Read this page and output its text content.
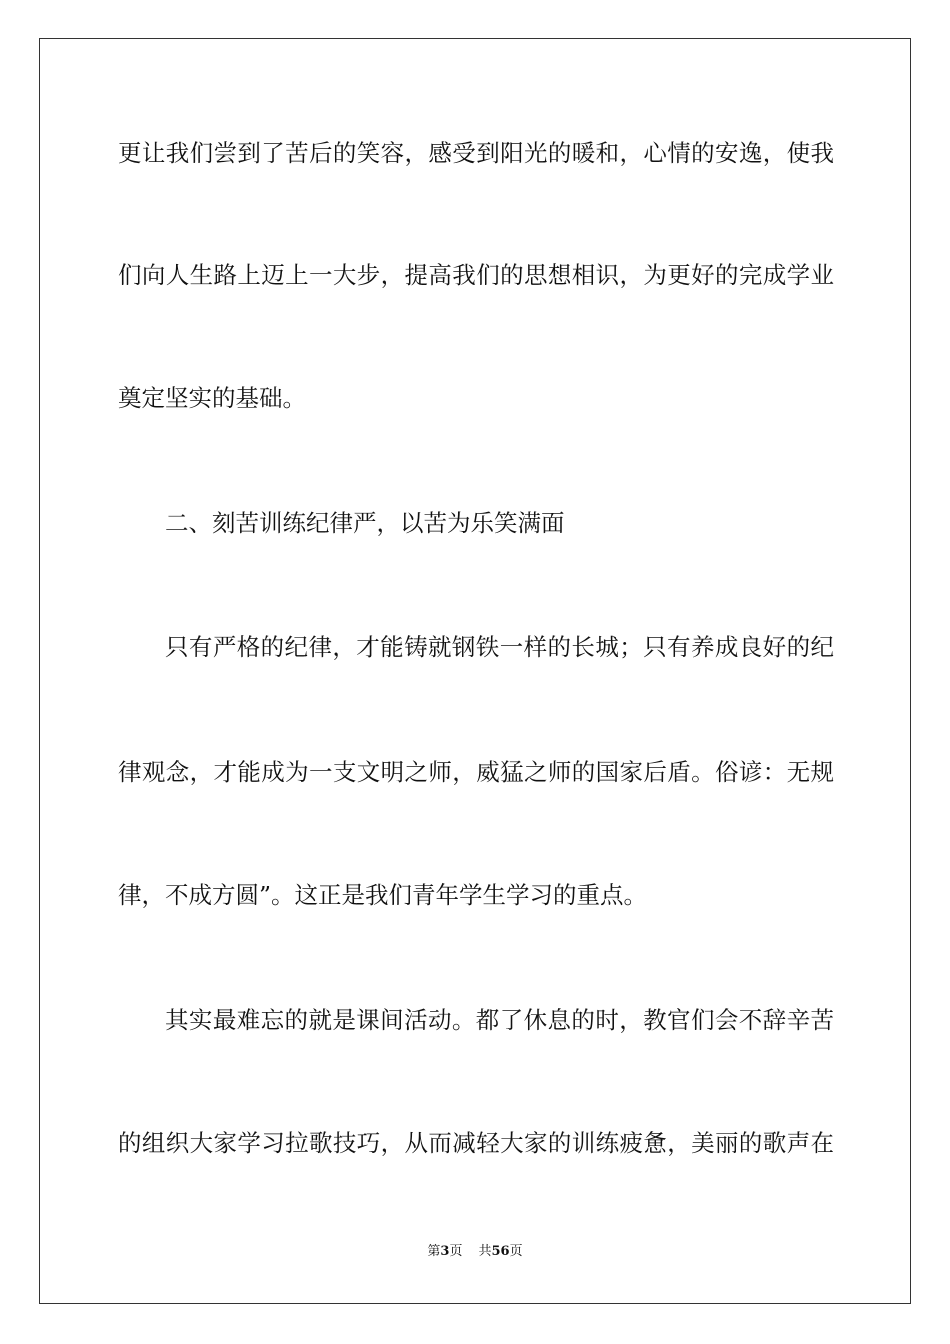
更让我们尝到了苦后的笑容，感受到阳光的暖和，心情的安逸，使我
们向人生路上迈上一大步，提高我们的思想相识，为更好的完成学业
奠定坚实的基础。
二、刻苦训练纪律严，以苦为乐笑满面
只有严格的纪律，才能铸就钢铁一样的长城；只有养成良好的纪
律观念，才能成为一支文明之师，威猛之师的国家后盾。俗谚：无规
律，不成方圆”。这正是我们青年学生学习的重点。
其实最难忘的就是课间活动。都了休息的时，教官们会不辞辛苦
的组织大家学习拉歌技巧，从而减轻大家的训练疲惫，美丽的歌声在
第3页 共56页
